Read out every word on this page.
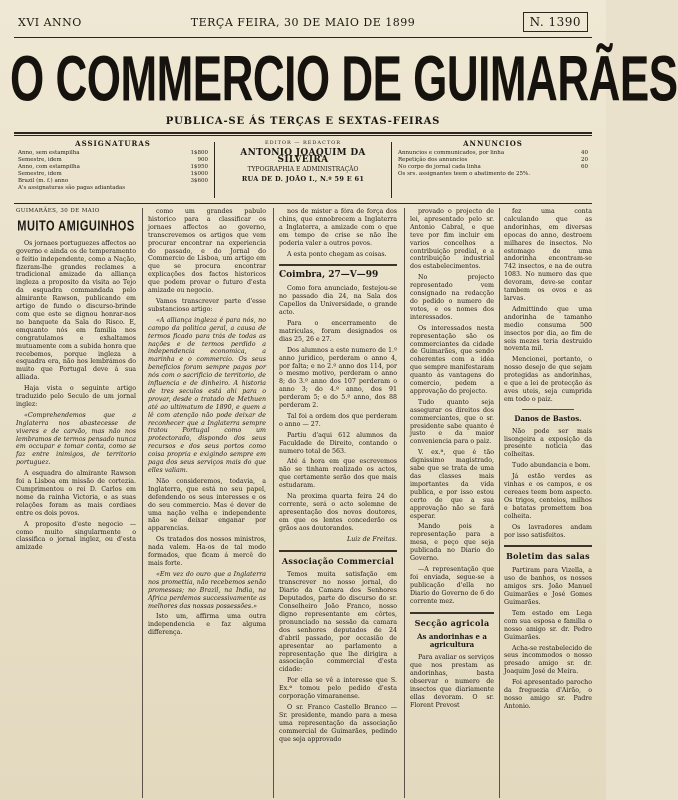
XVI ANNO	TERÇA FEIRA, 30 DE MAIO DE 1899	N. 1390
O COMMERCIO DE GUIMARÃES
PUBLICA-SE ÁS TERÇAS E SEXTAS-FEIRAS
ASSIGNATURAS
Anno, sem estampilha	1$800
Semestre, idem	900
Anno, com estampilha	1$950
Semestre, idem	1$000
Brazil (m. f.) anno	3$600
A's assignaturas são pagas adiantadas
EDITOR — REDACTOR
ANTONIO JOAQUIM DA SILVEIRA
TYPOGRAPHIA E ADMINISTRAÇÃO
RUA DE D. JOÃO I., N.º 59 E 61
ANNUNCIOS
Annuncios e communicados, por linha	40
Repetição dos annuncios	20
No corpo do jornal cada linha	60
Os srs. assignantes teem o abatimento de 25%.

GUIMARÃES, 30 DE MAIO

MUITO AMIGUINHOS

Os jornaes portuguezes affectos ao governo e ainda os de temperamento e feitio independente, como a Nação, fizeram-lhe grandes reclames a tradicional amizade da alliança ingleza a proposito da visita ao Tejo da esquadra commandada pelo almirante Rawson, publicando em artigo de fundo o discurso-brinde com que este se dignou honrar-nos no banquete da Sala do Risco. E, emquanto nós em familia nos congratulamos e exhaltamos mutuamente com a subida honra que recebemos, porque ingleza a esquadra era, não nos lembrámos do muito que Portugal deve á sua alliada.

Haja vista o seguinte artigo traduzido pelo Seculo de um jornal inglez:

«Comprehendemos que a Inglaterra nos abastecesse de viveres e de carvão, mas não nos lembramos de termos pensado nunca em occupar e tomar conta, como se faz entre inimigos, de territorio portuguez.

A esquadra do almirante Rawson foi a Lisboa em missão de cortezia. Cumprimentou o rei D. Carlos em nome da rainha Victoria, e as suas relações foram as mais cordiaes entre os dois povos.

A proposito d'este negocio — como muito singularmente o classifica o jornal inglez, ou d'esta amizade

como um grandes pabulo historico para a classificar os jornaes affectos ao governo, transcrevemos os artigos que vem procurar encontrar na experiencia do passado, e do Jornal do Commercio de Lisboa, um artigo em que se procura encontrar explicações dos factos historicos que podem provar o futuro d'esta amizade ou negocio.

Vamos transcrever parte d'esse substancioso artigo:

«A alliança ingleza é para nós, no campo da politica geral, a causa de termos ficado para trás de todas as nações e de termos perdido a independencia economica, a marinha e o commercio. Os seus beneficios foram sempre pagos por nós com o sacrificio de territorio, de influencia e de dinheiro. A historia de tres seculos está ahi para o provar, desde o tratado de Methuen até ao ultimatum de 1890, e quem a lê com atenção não pode deixar de reconhecer que a Inglaterra sempre tratou Portugal como um protectorado, dispondo dos seus recursos e dos seus portos como coisa propria e exigindo sempre em paga dos seus serviços mais do que elles valiam.

Não consideremos, todavia, a Inglaterra, que está no seu papel, defendendo os seus interesses e os do seu commercio. Mas é dever de uma nação velha e independente não se deixar enganar por apparencias.

Os tratados dos nossos ministros, nada valem. Ha-os de tal modo formados, que ficam á mercê do mais forte.

«Em vez do ouro que a Inglaterra nos promettia, não recebemos senão promessas; no Brazil, na India, na Africa perdemos successivamente as melhores das nossas possessões.»

Isto um, affirma uma outra independencia e faz alguma differença.

nos de mister a fóra de força dos chins, que ennobrecem a Inglaterra a Inglaterra, a amizade com o que em tempo de crise se não lhe poderia valer a outros povos.

A esta ponto chegam as coisas.

Coimbra, 27—V—99

Como fora anunciado, festejou-se no passado dia 24, na Sala dos Capellos da Universidade, o grande acto.

Para o encerramento de matriculas, foram designados os dias 25, 26 e 27.

Dos alumnos a este numero de 1.º anno juridico, perderam o anno 4, por falta; e no 2.º anno dos 114, por o mesmo motivo, perderam o anno 8; do 3.º anno dos 107 perderam o anno 3; do 4.º anno, dos 91 perderam 5; e do 5.º anno, dos 88 perderam 2.

Tal foi a ordem dos que perderam o anno — 27.

Partiu d'aqui 612 alumnos da Faculdade de Direito, contando o numero total de 563.

Até á hora em que escrevemos não se tinham realizado os actos, que certamente serão dos que mais estudaram.

Na proxima quarta feira 24 do corrente, será o acto solemne de apresentação dos novos doutores, em que os lentes concederão os grãos aos doutorandos.

Luiz de Freitas.

Associação Commercial

Temos muita satisfação em transcrever no nosso jornal, do Diario da Camara dos Senhores Deputados, parte do discurso do sr. Conselheiro João Franco, nosso digno representante em côrtes, pronunciado na sessão da camara dos senhores deputados de 24 d'abril passado, por occasião de apresentar ao parlamento a representação que lhe dirigira a associação commercial d'esta cidade:

Por ella se vê a interesse que S. Ex.ª tomou pelo pedido d'esta corporação vimaranense.

O sr. Franco Castello Branco — Sr. presidente, mando para a mesa uma representação da associação commercial de Guimarães, pedindo que seja approvado

provado o projecto de lei, apresentado pelo sr. Antonio Cabral, e que teve por fim incluir em varios concelhos a contribuição predial, e a contribuição industrial dos estabelecimentos.

No projecto representado vem consignado na redacção do pedido o numero de votos, e os nomes dos interessados.

Os interessados nesta representação são os commerciantes da cidade de Guimarães, que sendo coherentes com a idéa que sempre manifestaram quanto ás vantagens do comercio, pedem a approvação do projecto.

Tudo quanto seja assegurar os direitos dos commerciantes, que o sr. presidente sabe quanto é justo e da maior conveniencia para o paiz.

V. ex.ª, que é tão dignissimo magistrado, sabe que se trata de uma das classes mais importantes da vida publica, e por isso estou certo de que a sua approvação não se fará esperar.

Mando pois a representação para a mesa, e peço que seja publicada no Diario do Governo.

—A representação que foi enviada, segue-se a publicação d'ella no Diario do Governo de 6 do corrente mez.

Secção agricola
As andorinhas e a agricultura

Para avaliar os serviços que nos prestam as andorinhas, basta observar o numero de insectos que diariamente ellas devoram. O sr. Florent Prevost

fez uma conta calculando que as andorinhas, em diversas epocas do anno, destroem milhares de insectos. No estomago de uma andorinha encontram-se 742 insectos, e na de outra 1083. No numero das que devoram, deve-se contar tambem os ovos e as larvas.

Admittindo que uma andorinha de tamanho medio consuma 500 insectos por dia, ao fim de seis mezes teria destruido noventa mil.

Mencionei, portanto, o nosso desejo de que sejam protegidas as andorinhas, e que a lei de protecção ás aves uteis, seja cumprida em todo o paiz.

Danos de Bastos.

Não pode ser mais lisongeira a exposição da presente noticia das colheitas.

Tudo abundancia e bom.

Já estão verdes as vinhas e os campos, e os cereaes teem bom aspecto. Os trigos, centeios, milhos e batatas promettem boa colheita.

Os lavradores andam por isso satisfeitos.

Boletim das salas

Partiram para Vizella, a uso de banhos, os nossos amigos srs. João Manuel Guimarães e José Gomes Guimarães.

Tem estado em Lega com sua esposa e familia o nosso amigo sr. dr. Pedro Guimarães.

Acha-se restabelecido de seus incommodos o nosso presado amigo sr. dr. Joaquim José de Meira.

Foi apresentado parocho da freguezia d'Airão, o nosso amigo sr. Padre Antonio.
